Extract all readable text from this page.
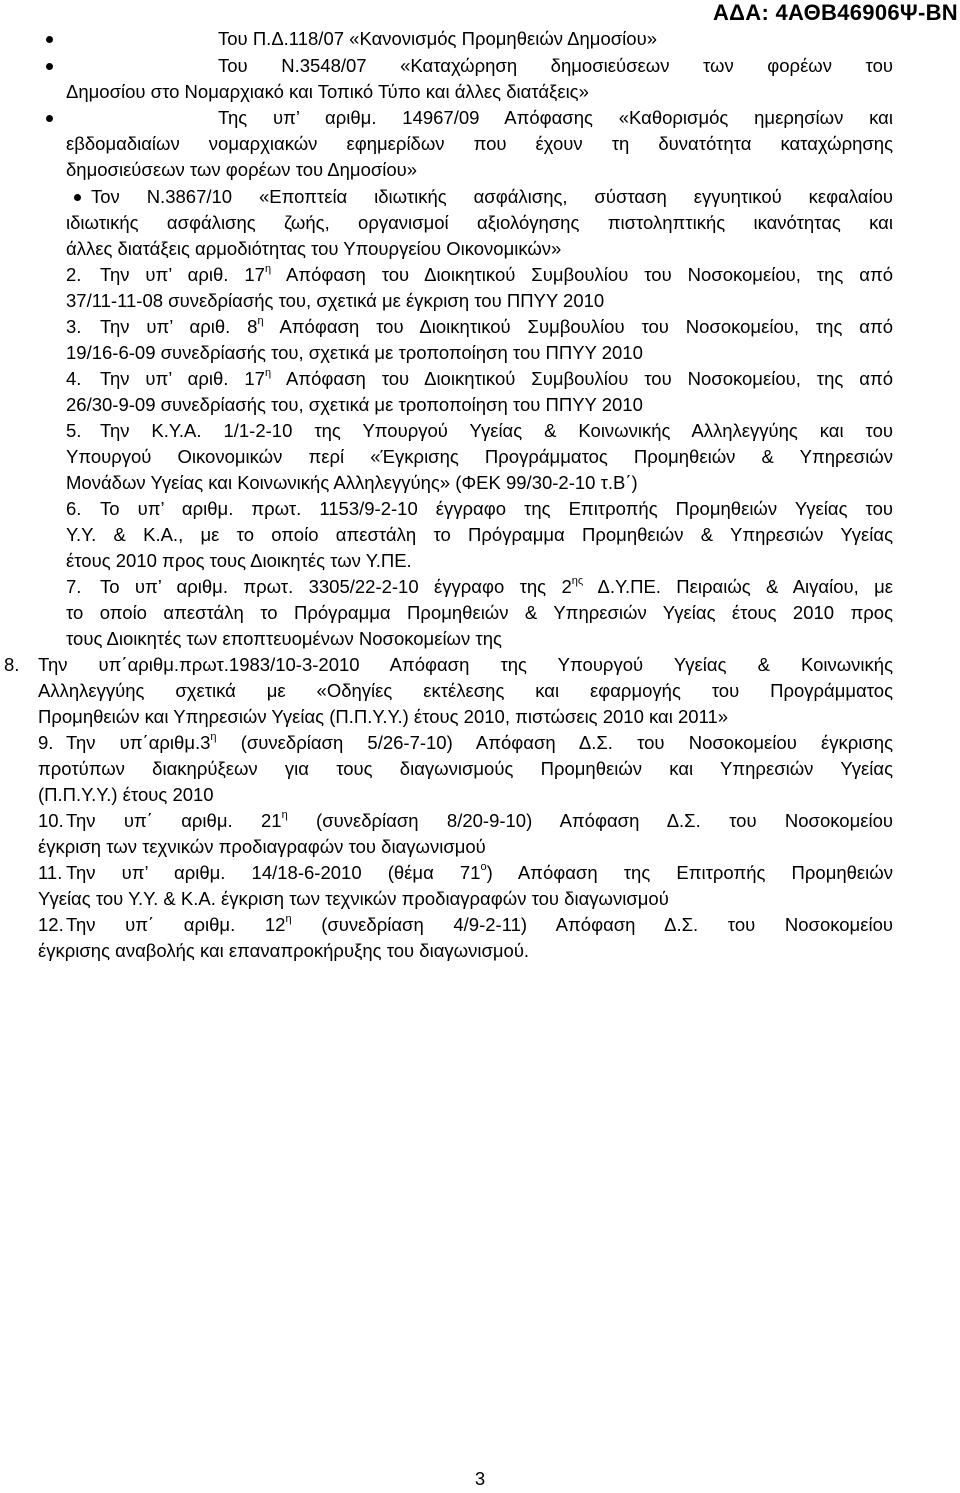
ΑΔΑ: 4ΑΘΒ46906Ψ-ΒΝ
Του Π.Δ.118/07 «Κανονισμός Προμηθειών Δημοσίου»
Του Ν.3548/07 «Καταχώρηση δημοσιεύσεων των φορέων του
Δημοσίου στο Νομαρχιακό και Τοπικό Τύπο και άλλες διατάξεις»
Της υπ’ αριθμ. 14967/09 Απόφασης «Καθορισμός ημερησίων και
εβδομαδιαίων νομαρχιακών εφημερίδων που έχουν τη δυνατότητα καταχώρησης
δημοσιεύσεων των φορέων του Δημοσίου»
Τον Ν.3867/10 «Εποπτεία ιδιωτικής ασφάλισης, σύσταση εγγυητικού κεφαλαίου
ιδιωτικής ασφάλισης ζωής, οργανισμοί αξιολόγησης πιστοληπτικής ικανότητας και
άλλες διατάξεις αρμοδιότητας του Υπουργείου Οικονομικών»
2. Την υπ’ αριθ. $17^\eta$ Απόφαση του Διοικητικού Συμβουλίου του Νοσοκομείου, της από
37/11-11-08 συνεδρίασής του, σχετικά με έγκριση του ΠΠΥΥ 2010
3. Την υπ’ αριθ. $8^\eta$ Απόφαση του Διοικητικού Συμβουλίου του Νοσοκομείου, της από
19/16-6-09 συνεδρίασής του, σχετικά με τροποποίηση του ΠΠΥΥ 2010
4. Την υπ’ αριθ. $17^\eta$ Απόφαση του Διοικητικού Συμβουλίου του Νοσοκομείου, της από
26/30-9-09 συνεδρίασής του, σχετικά με τροποποίηση του ΠΠΥΥ 2010
5. Την Κ.Υ.Α. 1/1-2-10 της Υπουργού Υγείας & Κοινωνικής Αλληλεγγύης και του
Υπουργού Οικονομικών περί «Έγκρισης Προγράμματος Προμηθειών & Υπηρεσιών
Μονάδων Υγείας και Κοινωνικής Αλληλεγγύης» (ΦΕΚ 99/30-2-10 τ.Β΄)
6. Το υπ’ αριθμ. πρωτ. 1153/9-2-10 έγγραφο της Επιτροπής Προμηθειών Υγείας του
Υ.Υ. & Κ.Α., με το οποίο απεστάλη το Πρόγραμμα Προμηθειών & Υπηρεσιών Υγείας
έτους 2010 προς τους Διοικητές των Υ.ΠΕ.
7. Το υπ’ αριθμ. πρωτ. 3305/22-2-10 έγγραφο της $2^{\eta\varsigma}$ Δ.Υ.ΠΕ. Πειραιώς & Αιγαίου, με
το οποίο απεστάλη το Πρόγραμμα Προμηθειών & Υπηρεσιών Υγείας έτους 2010 προς
τους Διοικητές των εποπτευομένων Νοσοκομείων της
8. Την υπ΄αριθμ.πρωτ.1983/10-3-2010 Απόφαση της Υπουργού Υγείας & Κοινωνικής
Αλληλεγγύης σχετικά με «Οδηγίες εκτέλεσης και εφαρμογής του Προγράμματος
Προμηθειών και Υπηρεσιών Υγείας (Π.Π.Υ.Υ.) έτους 2010, πιστώσεις 2010 και 2011»
9. Την $\upsilon\pi΄\alpha\rho\iota\theta\mu.3^\eta$ (συνεδρίαση 5/26-7-10) Απόφαση Δ.Σ. του Νοσοκομείου έγκρισης
προτύπων διακηρύξεων για τους διαγωνισμούς Προμηθειών και Υπηρεσιών Υγείας
(Π.Π.Υ.Υ.) έτους 2010
10. Την υπ΄ αριθμ. $21^\eta$ (συνεδρίαση 8/20-9-10) Απόφαση Δ.Σ. του Νοσοκομείου
έγκριση των τεχνικών προδιαγραφών του διαγωνισμού
11. Την υπ’ αριθμ. 14/18-6-2010 (θέμα $71^o$) Απόφαση της Επιτροπής Προμηθειών
Υγείας του Υ.Υ. & Κ.Α. έγκριση των τεχνικών προδιαγραφών του διαγωνισμού
12. Την υπ΄ αριθμ. $12^\eta$ (συνεδρίαση 4/9-2-11) Απόφαση Δ.Σ. του Νοσοκομείου
έγκρισης αναβολής και επαναπροκήρυξης του διαγωνισμού.
3
